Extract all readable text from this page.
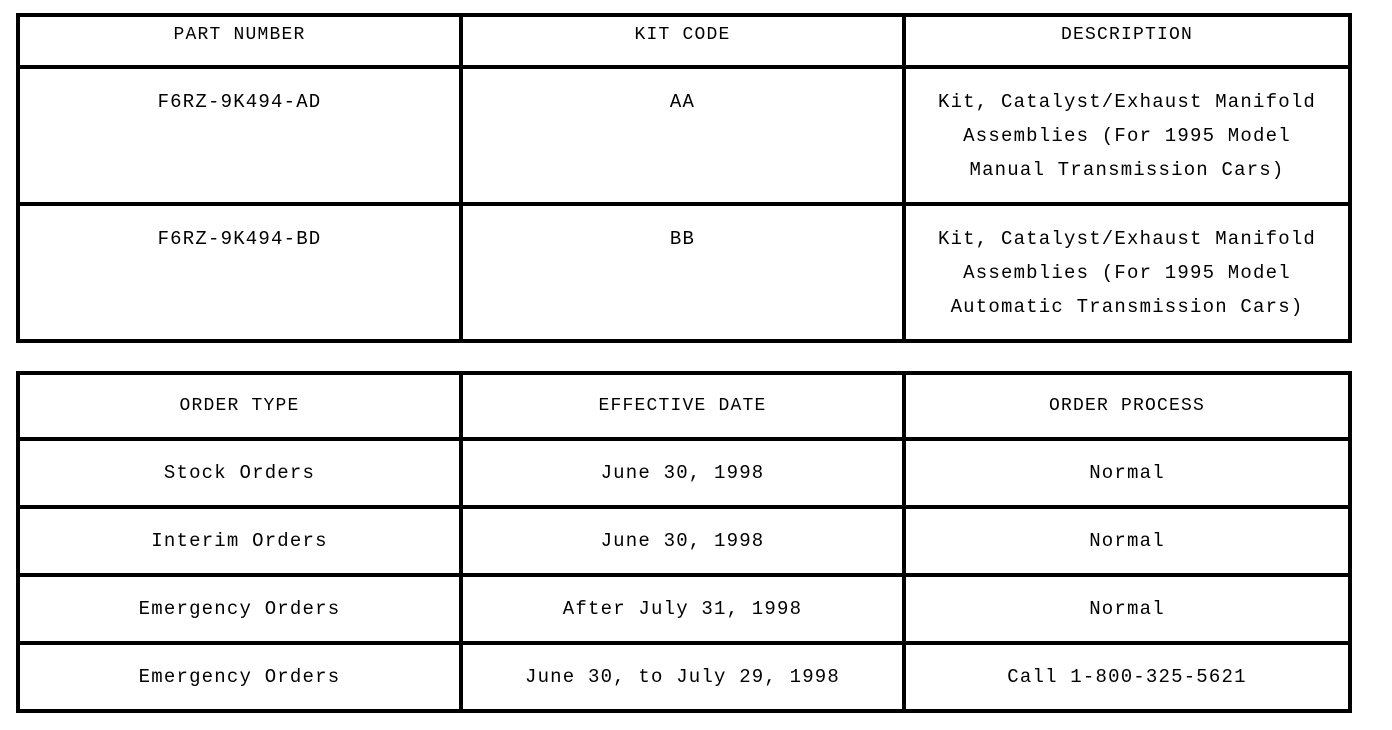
PART NUMBER	KIT CODE	DESCRIPTION
F6RZ-9K494-AD	AA	Kit, Catalyst/Exhaust Manifold
Assemblies (For 1995 Model
Manual Transmission Cars)

F6RZ-9K494-BD	BB	Kit, Catalyst/Exhaust Manifold
Assemblies (For 1995 Model
Automatic Transmission Cars)
ORDER TYPE	EFFECTIVE DATE	ORDER PROCESS
Stock Orders	June 30, 1998	Normal
Interim Orders	June 30, 1998	Normal
Emergency Orders	After July 31, 1998	Normal
Emergency Orders	June 30, to July 29, 1998	Call 1-800-325-5621
